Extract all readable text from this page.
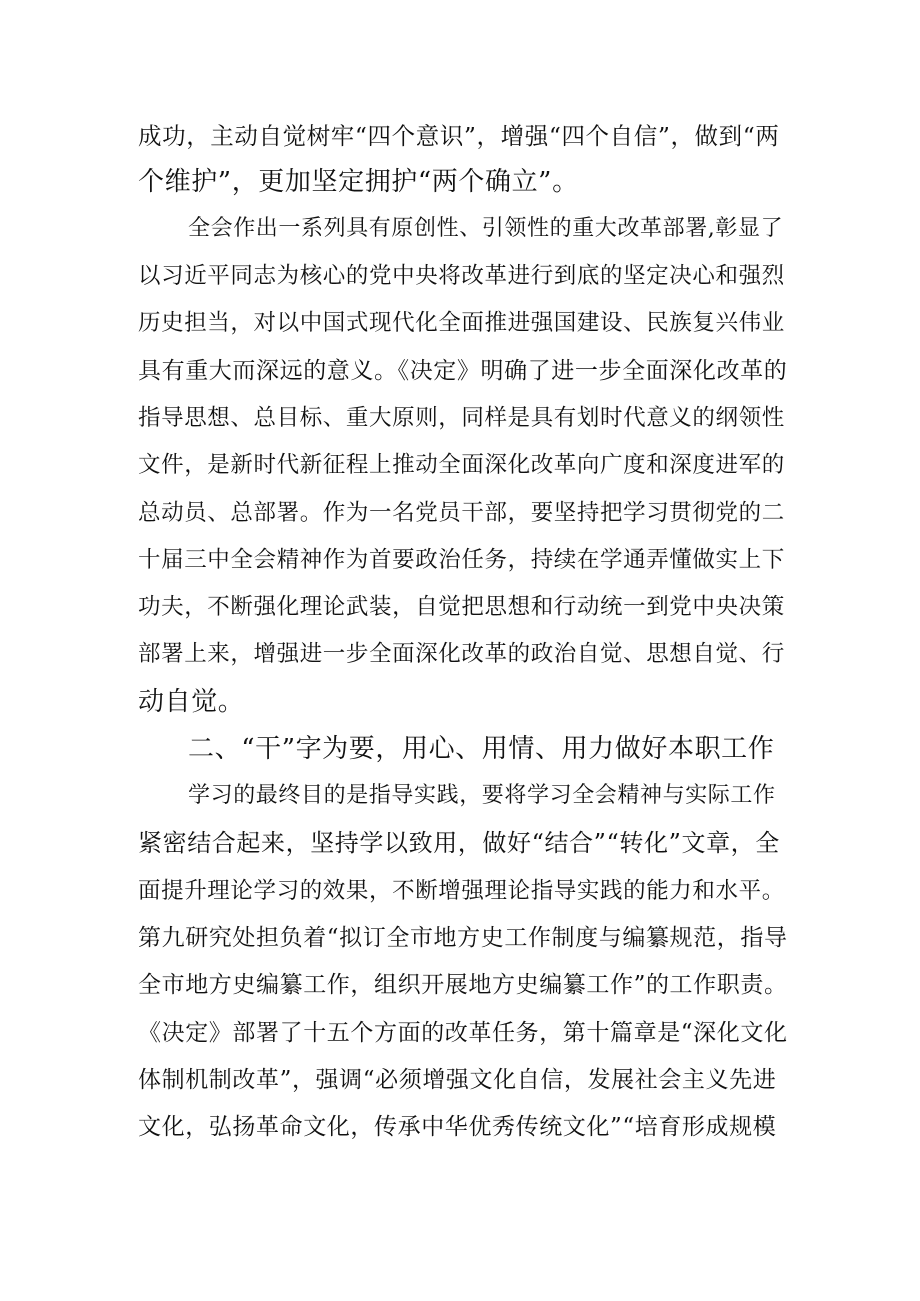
成功，主动自觉树牢“四个意识”，增强“四个自信”，做到“两
个维护”，更加坚定拥护“两个确立”。
全会作出一系列具有原创性、引领性的重大改革部署,彰显了
以习近平同志为核心的党中央将改革进行到底的坚定决心和强烈
历史担当，对以中国式现代化全面推进强国建设、民族复兴伟业
具有重大而深远的意义。《决定》明确了进一步全面深化改革的
指导思想、总目标、重大原则，同样是具有划时代意义的纲领性
文件，是新时代新征程上推动全面深化改革向广度和深度进军的
总动员、总部署。作为一名党员干部，要坚持把学习贯彻党的二
十届三中全会精神作为首要政治任务，持续在学通弄懂做实上下
功夫，不断强化理论武装，自觉把思想和行动统一到党中央决策
部署上来，增强进一步全面深化改革的政治自觉、思想自觉、行
动自觉。
二、“干”字为要，用心、用情、用力做好本职工作
学习的最终目的是指导实践，要将学习全会精神与实际工作
紧密结合起来，坚持学以致用，做好“结合”“转化”文章，全
面提升理论学习的效果，不断增强理论指导实践的能力和水平。
第九研究处担负着“拟订全市地方史工作制度与编纂规范，指导
全市地方史编纂工作，组织开展地方史编纂工作”的工作职责。
《决定》部署了十五个方面的改革任务，第十篇章是“深化文化
体制机制改革”，强调“必须增强文化自信，发展社会主义先进
文化，弘扬革命文化，传承中华优秀传统文化”“培育形成规模
